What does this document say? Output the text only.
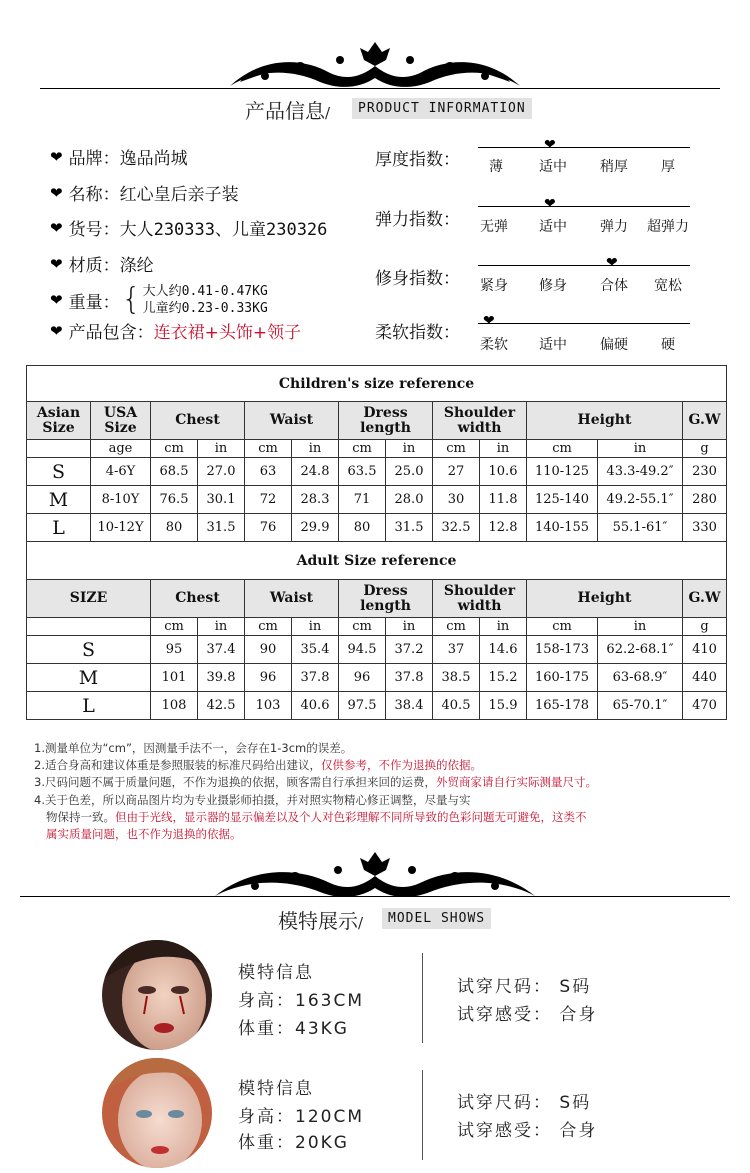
产品信息/	PRODUCT INFORMATION
❤ 品牌： 逸品尚城
❤ 名称： 红心皇后亲子装
❤ 货号： 大人230333、儿童230326
❤ 材质： 涤纶
❤ 重量： { 大人约0.41-0.47KG
儿童约0.23-0.33KG
❤ 产品包含： 连衣裙+头饰+领子
厚度指数：
❤
薄	适中 稍厚 厚
弹力指数：
❤
无弹 适中 弹力 超弹力
修身指数：
❤
紧身 修身 合体 宽松
柔软指数：
❤
柔软 适中 偏硬 硬
Children's size reference												
Asian Size	USA Size	Chest		Waist		Dress length		Shoulder width		Height		G.W
	age	cm	in	cm	in	cm	in	cm	in	cm	in	g
S	4-6Y	68.5	27.0	63	24.8	63.5	25.0	27	10.6	110-125	43.3-49.2″	230
M	8-10Y	76.5	30.1	72	28.3	71	28.0	30	11.8	125-140	49.2-55.1″	280
L	10-12Y	80	31.5	76	29.9	80	31.5	32.5	12.8	140-155	55.1-61″	330
Adult Size reference												
SIZE		Chest		Waist		Dress length		Shoulder width		Height		G.W
		cm	in	cm	in	cm	in	cm	in	cm	in	g
S		95	37.4	90	35.4	94.5	37.2	37	14.6	158-173	62.2-68.1″	410
M		101	39.8	96	37.8	96	37.8	38.5	15.2	160-175	63-68.9″	440
L		108	42.5	103	40.6	97.5	38.4	40.5	15.9	165-178	65-70.1″	470
1.测量单位为“cm”，因测量手法不一，会存在1-3cm的误差。
2.适合身高和建议体重是参照服装的标准尺码给出建议，仅供参考，不作为退换的依据。
3.尺码问题不属于质量问题，不作为退换的依据，顾客需自行承担来回的运费，外贸商家请自行实际测量尺寸。
4.关于色差，所以商品图片均为专业摄影师拍摄，并对照实物精心修正调整，尽量与实
物保持一致。但由于光线，显示器的显示偏差以及个人对色彩理解不同所导致的色彩问题无可避免，这类不
属实质量问题，也不作为退换的依据。
模特展示/	MODEL SHOWS
模特信息
身高：163CM
体重：43KG
试穿尺码： S码
试穿感受： 合身
模特信息
身高：120CM
体重：20KG
试穿尺码： S码
试穿感受： 合身
